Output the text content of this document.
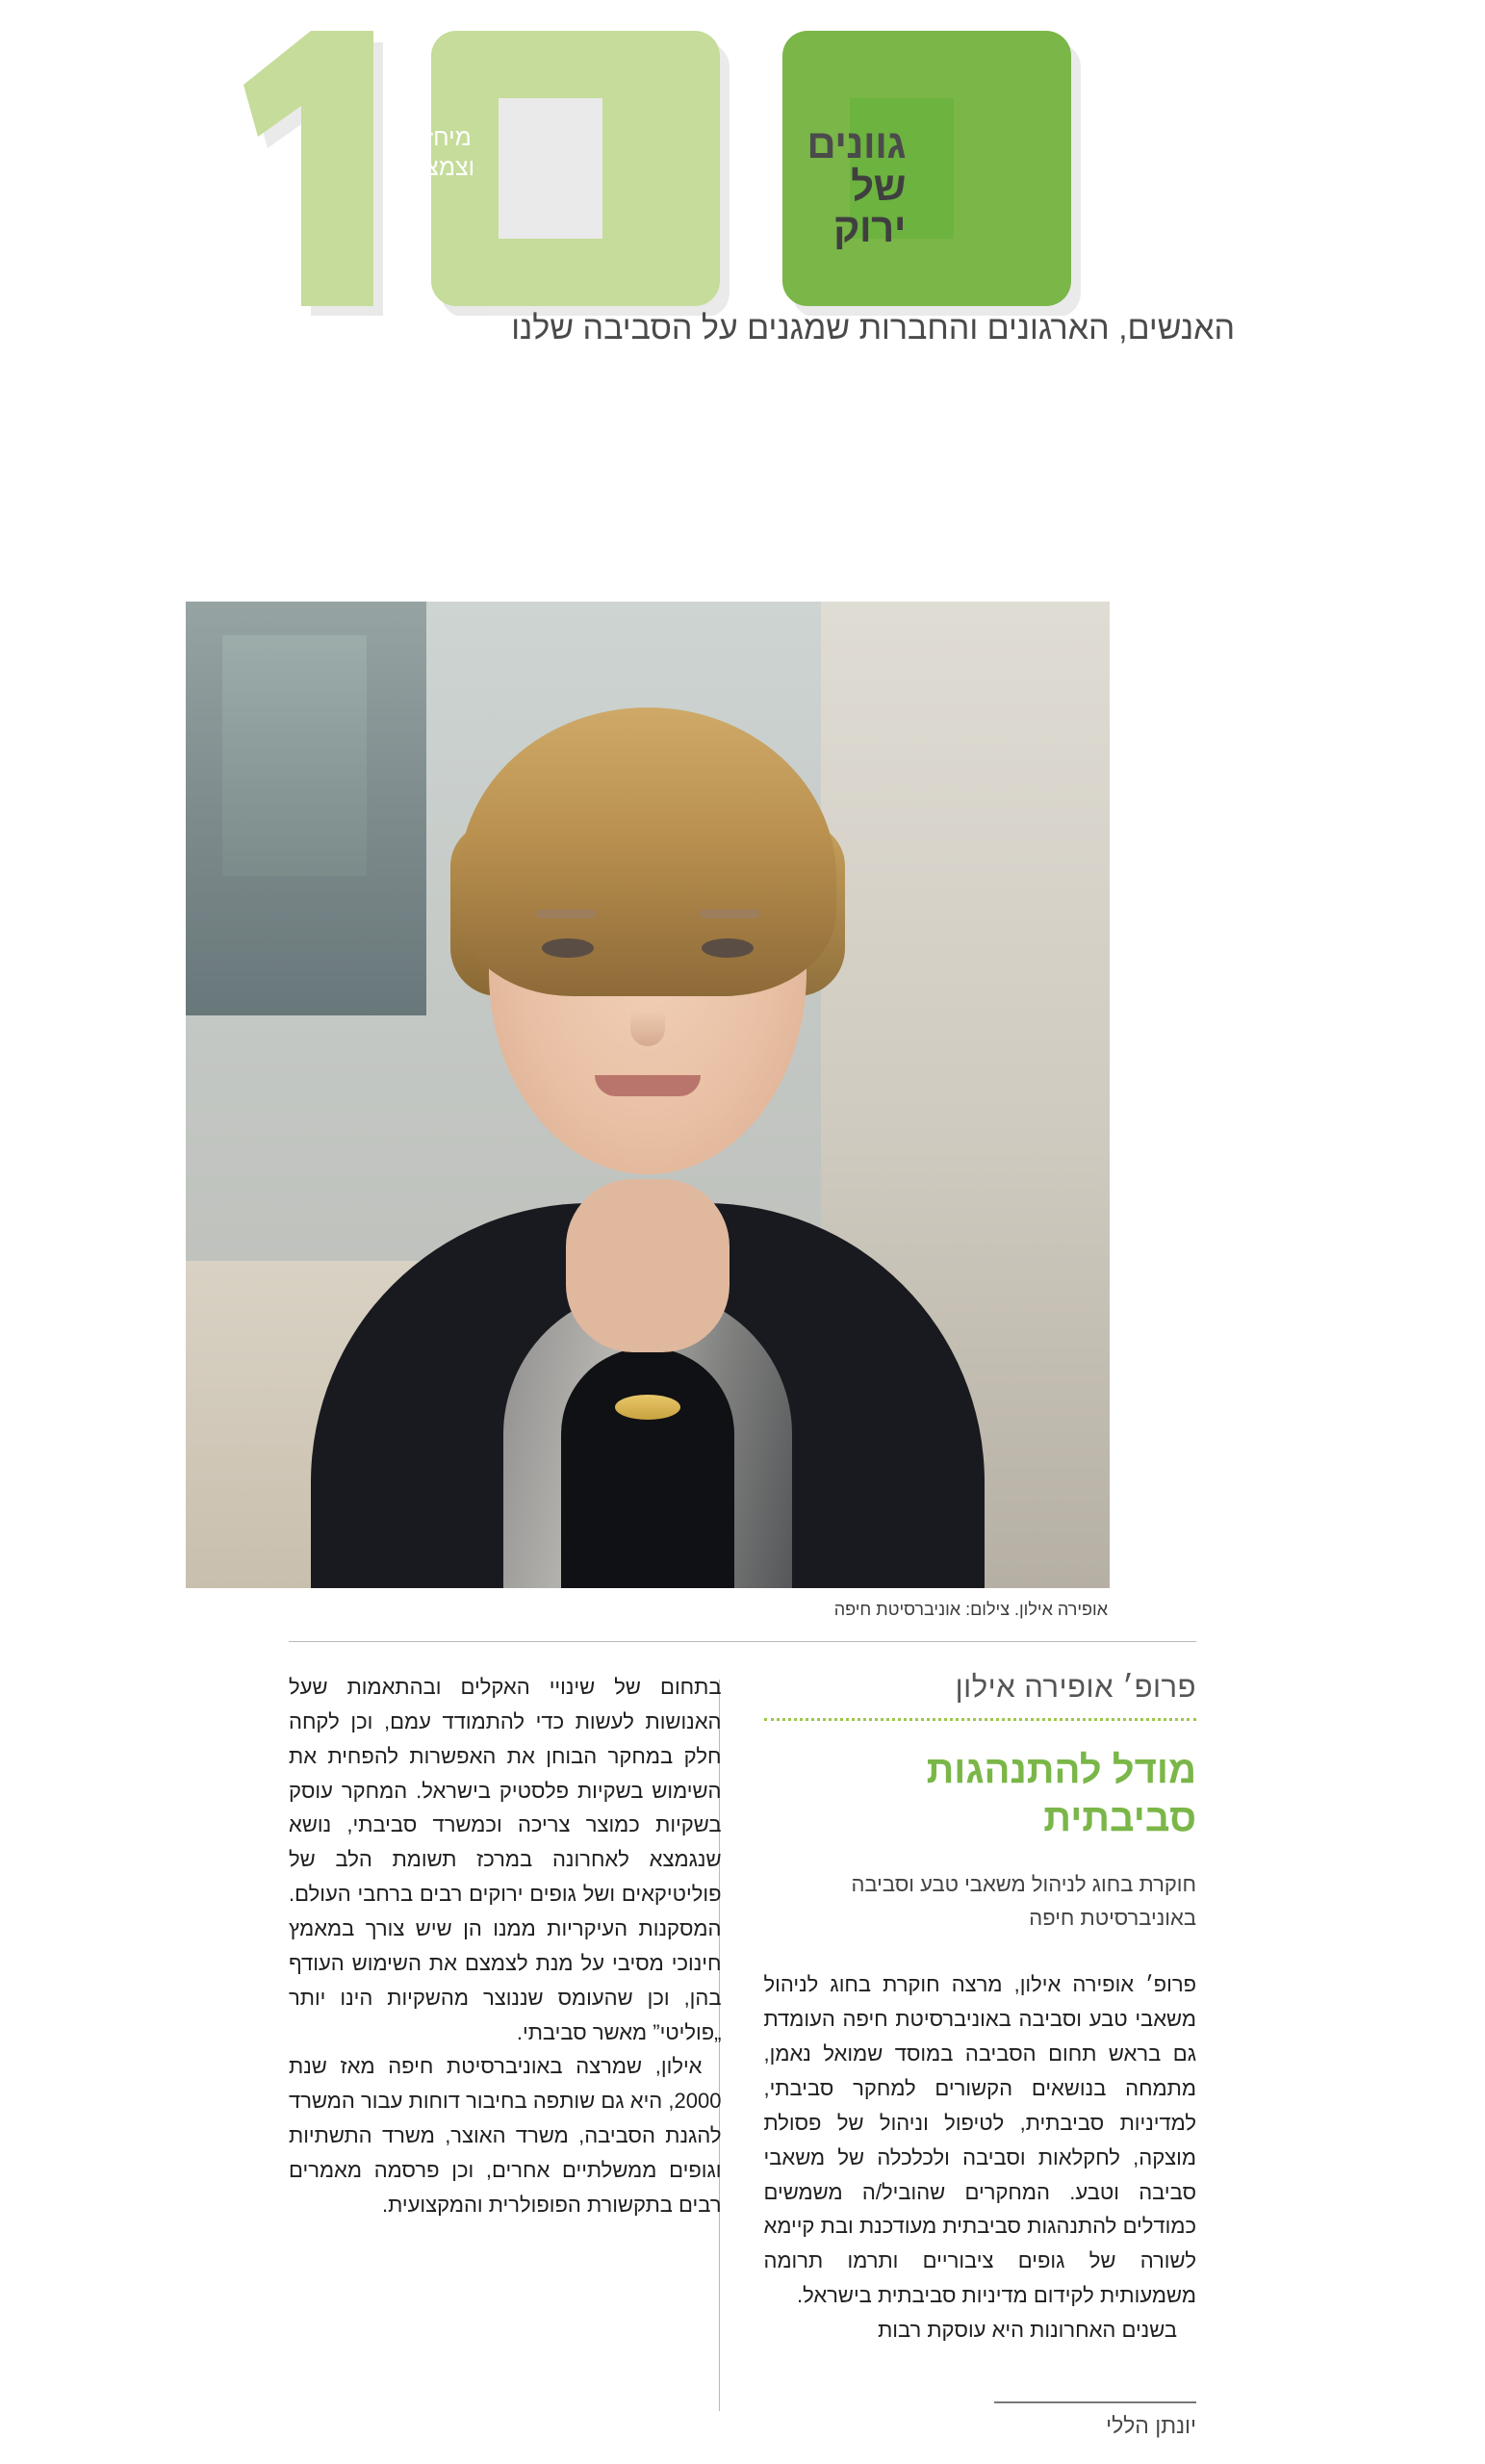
גוונים
של
ירוק
מיחזור
וצמצום
האנשים, הארגונים והחברות שמגנים על הסביבה שלנו
אופירה אילון. צילום: אוניברסיטת חיפה
פרופ׳ אופירה אילון
מודל להתנהגות סביבתית
חוקרת בחוג לניהול משאבי טבע וסביבה באוניברסיטת חיפה

פרופ׳ אופירה אילון, מרצה חוקרת בחוג לניהול משאבי טבע וסביבה באוניברסיטת חיפה העומדת גם בראש תחום הסביבה במוסד שמואל נאמן, מתמחה בנושאים הקשורים למחקר סביבתי, למדיניות סביבתית, לטיפול וניהול של פסולת מוצקה, לחקלאות וסביבה ולכלכלה של משאבי סביבה וטבע. המחקרים שהוביל/ה משמשים כמודלים להתנהגות סביבתית מעודכנת ובת קיימא לשורה של גופים ציבוריים ותרמו תרומה משמעותית לקידום מדיניות סביבתית בישראל.

בשנים האחרונות היא עוסקת רבות

בתחום של שינויי האקלים ובהתאמות שעל האנושות לעשות כדי להתמודד עמם, וכן לקחה חלק במחקר הבוחן את האפשרות להפחית את השימוש בשקיות פלסטיק בישראל. המחקר עוסק בשקיות כמוצר צריכה וכמשרד סביבתי, נושא שנגמצא לאחרונה במרכז תשומת הלב של פוליטיקאים ושל גופים ירוקים רבים ברחבי העולם. המסקנות העיקריות ממנו הן שיש צורך במאמץ חינוכי מסיבי על מנת לצמצם את השימוש העודף בהן, וכן שהעומס שננוצר מהשקיות הינו יותר „פוליטי” מאשר סביבתי.

אילון, שמרצה באוניברסיטת חיפה מאז שנת 2000, היא גם שותפה בחיבור דוחות עבור המשרד להגנת הסביבה, משרד האוצר, משרד התשתיות וגופים ממשלתיים אחרים, וכן פרסמה מאמרים רבים בתקשורת הפופולרית והמקצועית.

יונתן הללי
